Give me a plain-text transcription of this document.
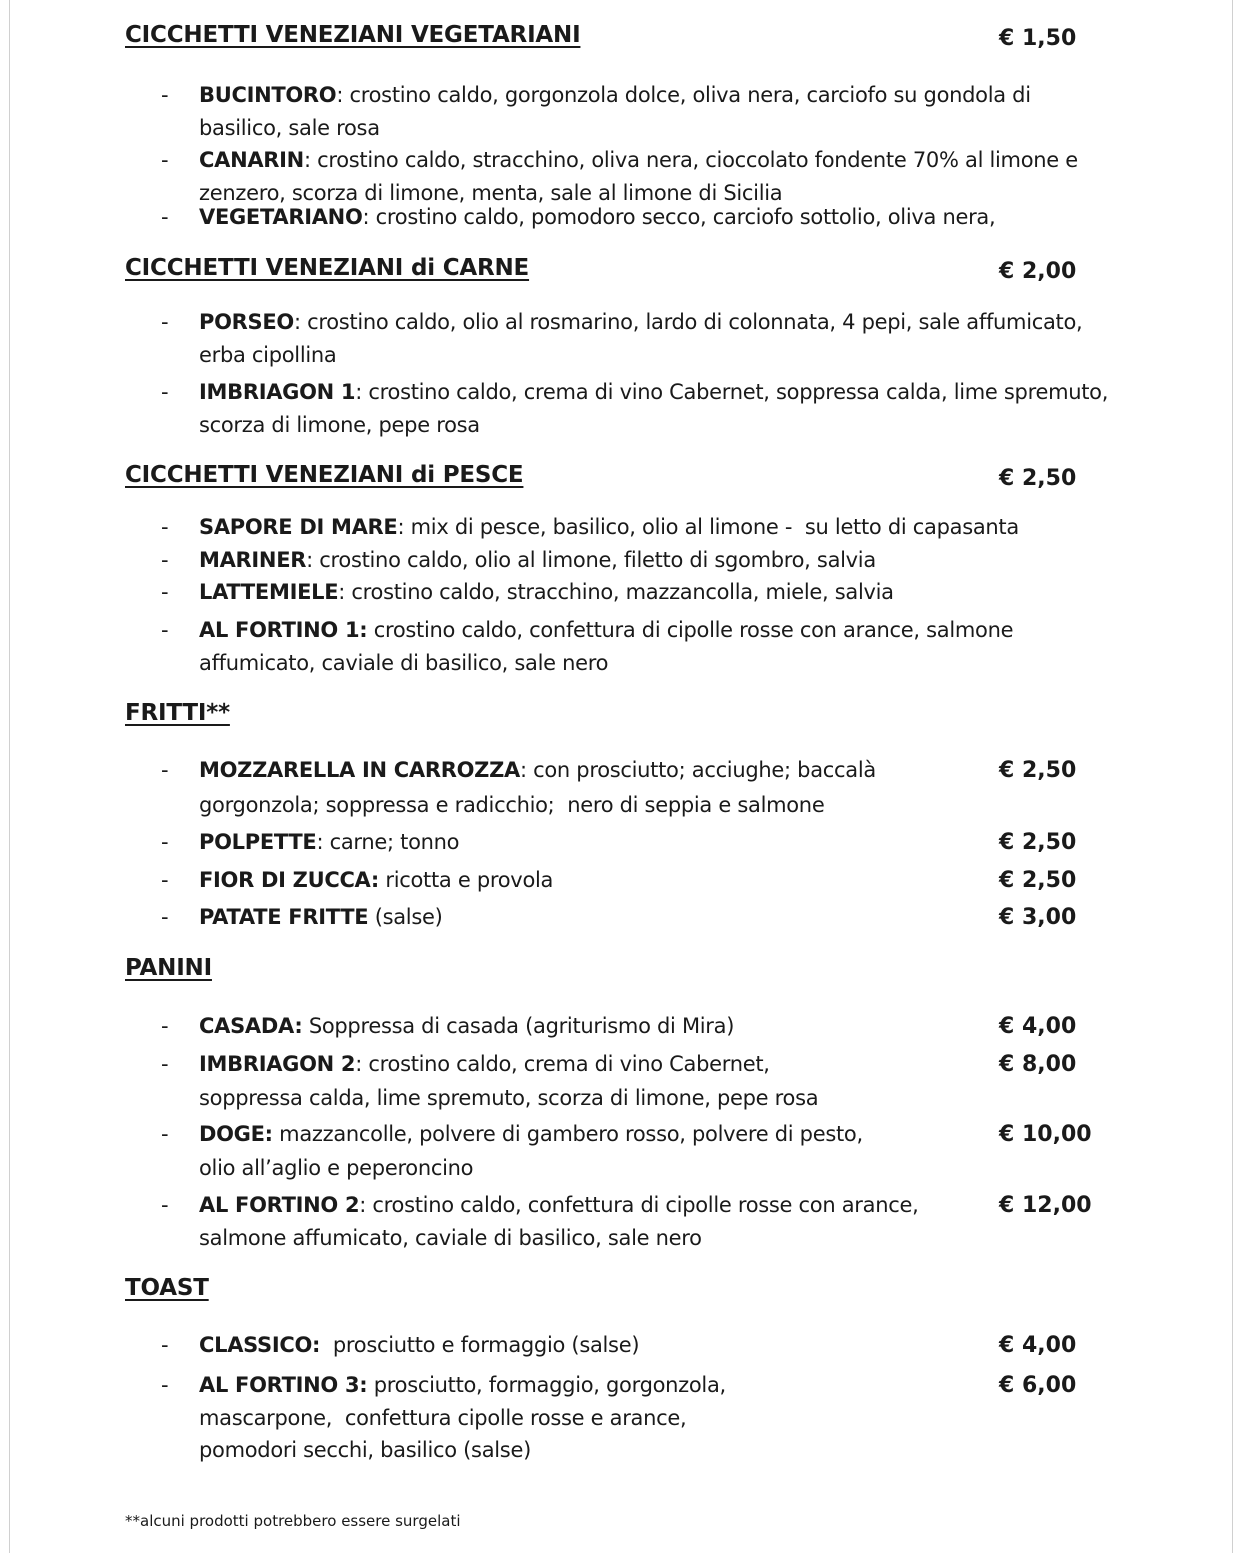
CICCHETTI VENEZIANI VEGETARIANI	€ 1,50
- BUCINTORO: crostino caldo, gorgonzola dolce, oliva nera, carciofo su gondola di
basilico, sale rosa
- CANARIN: crostino caldo, stracchino, oliva nera, cioccolato fondente 70% al limone e
zenzero, scorza di limone, menta, sale al limone di Sicilia
- VEGETARIANO: crostino caldo, pomodoro secco, carciofo sottolio, oliva nera,
CICCHETTI VENEZIANI di CARNE	€ 2,00
- PORSEO: crostino caldo, olio al rosmarino, lardo di colonnata, 4 pepi, sale affumicato,
erba cipollina
- IMBRIAGON 1: crostino caldo, crema di vino Cabernet, soppressa calda, lime spremuto,
scorza di limone, pepe rosa
CICCHETTI VENEZIANI di PESCE	€ 2,50
- SAPORE DI MARE: mix di pesce, basilico, olio al limone -  su letto di capasanta
- MARINER: crostino caldo, olio al limone, filetto di sgombro, salvia
- LATTEMIELE: crostino caldo, stracchino, mazzancolla, miele, salvia
- AL FORTINO 1: crostino caldo, confettura di cipolle rosse con arance, salmone
affumicato, caviale di basilico, sale nero
FRITTI**
- MOZZARELLA IN CARROZZA: con prosciutto; acciughe; baccalà
gorgonzola; soppressa e radicchio;  nero di seppia e salmone
€ 2,50
- POLPETTE: carne; tonno	€ 2,50
- FIOR DI ZUCCA: ricotta e provola	€ 2,50
- PATATE FRITTE (salse)	€ 3,00
PANINI
- CASADA: Soppressa di casada (agriturismo di Mira)	€ 4,00
- IMBRIAGON 2: crostino caldo, crema di vino Cabernet,
soppressa calda, lime spremuto, scorza di limone, pepe rosa
€ 8,00
- DOGE: mazzancolle, polvere di gambero rosso, polvere di pesto,
olio all’aglio e peperoncino
€ 10,00
- AL FORTINO 2: crostino caldo, confettura di cipolle rosse con arance,
salmone affumicato, caviale di basilico, sale nero
€ 12,00
TOAST
- CLASSICO: prosciutto e formaggio (salse)	€ 4,00
- AL FORTINO 3: prosciutto, formaggio, gorgonzola,
mascarpone,  confettura cipolle rosse e arance,
pomodori secchi, basilico (salse)
€ 6,00
**alcuni prodotti potrebbero essere surgelati
